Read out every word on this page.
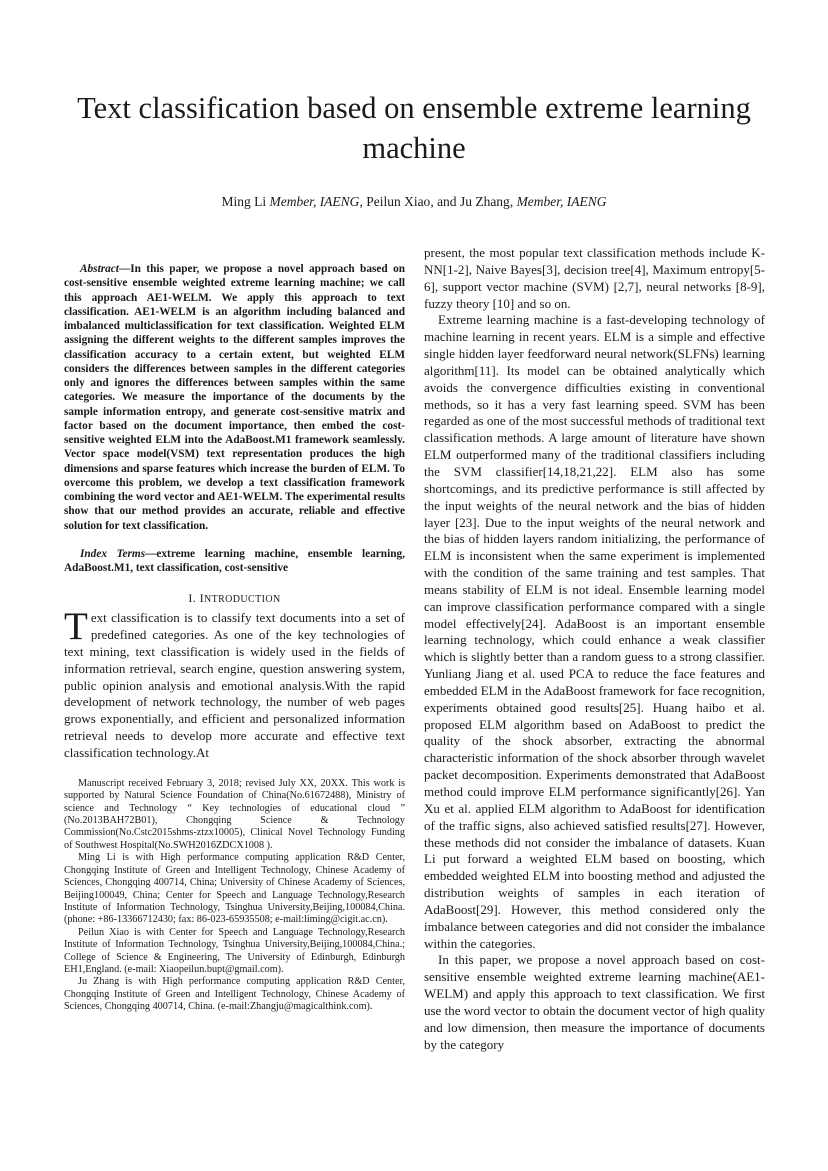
Text classification based on ensemble extreme learning machine
Ming Li Member, IAENG, Peilun Xiao, and Ju Zhang, Member, IAENG

Abstract—In this paper, we propose a novel approach based on cost-sensitive ensemble weighted extreme learning machine; we call this approach AE1-WELM. We apply this approach to text classification. AE1-WELM is an algorithm including balanced and imbalanced multiclassification for text classification. Weighted ELM assigning the different weights to the different samples improves the classification accuracy to a certain extent, but weighted ELM considers the differences between samples in the different categories only and ignores the differences between samples within the same categories. We measure the importance of the documents by the sample information entropy, and generate cost-sensitive matrix and factor based on the document importance, then embed the cost-sensitive weighted ELM into the AdaBoost.M1 framework seamlessly. Vector space model(VSM) text representation produces the high dimensions and sparse features which increase the burden of ELM. To overcome this problem, we develop a text classification framework combining the word vector and AE1-WELM. The experimental results show that our method provides an accurate, reliable and effective solution for text classification.

Index Terms—extreme learning machine, ensemble learning, AdaBoost.M1, text classification, cost-sensitive

I. INTRODUCTION

Text classification is to classify text documents into a set of predefined categories. As one of the key technologies of text mining, text classification is widely used in the fields of information retrieval, search engine, question answering system, public opinion analysis and emotional analysis.With the rapid development of network technology, the number of web pages grows exponentially, and efficient and personalized information retrieval needs to develop more accurate and effective text classification technology.At

Manuscript received February 3, 2018; revised July XX, 20XX. This work is supported by Natural Science Foundation of China(No.61672488), Ministry of science and Technology “ Key technologies of educational cloud ” (No.2013BAH72B01), Chongqing Science & Technology Commission(No.Cstc2015shms-ztzx10005), Clinical Novel Technology Funding of Southwest Hospital(No.SWH2016ZDCX1008 ).

Ming Li is with High performance computing application R&D Center, Chongqing Institute of Green and Intelligent Technology, Chinese Academy of Sciences, Chongqing 400714, China; University of Chinese Academy of Sciences, Beijing100049, China; Center for Speech and Language Technology,Research Institute of Information Technology, Tsinghua University,Beijing,100084,China. (phone: +86-13366712430; fax: 86-023-65935508; e-mail:liming@cigit.ac.cn).

Peilun Xiao is with Center for Speech and Language Technology,Research Institute of Information Technology, Tsinghua University,Beijing,100084,China.; College of Science & Engineering, The University of Edinburgh, Edinburgh EH1,England. (e-mail: Xiaopeilun.bupt@gmail.com).

Ju Zhang is with High performance computing application R&D Center, Chongqing Institute of Green and Intelligent Technology, Chinese Academy of Sciences, Chongqing 400714, China. (e-mail:Zhangju@magicalthink.com).

present, the most popular text classification methods include K-NN[1-2], Naive Bayes[3], decision tree[4], Maximum entropy[5-6], support vector machine (SVM) [2,7], neural networks [8-9], fuzzy theory [10] and so on.

Extreme learning machine is a fast-developing technology of machine learning in recent years. ELM is a simple and effective single hidden layer feedforward neural network(SLFNs) learning algorithm[11]. Its model can be obtained analytically which avoids the convergence difficulties existing in conventional methods, so it has a very fast learning speed. SVM has been regarded as one of the most successful methods of traditional text classification methods. A large amount of literature have shown ELM outperformed many of the traditional classifiers including the SVM classifier[14,18,21,22]. ELM also has some shortcomings, and its predictive performance is still affected by the input weights of the neural network and the bias of hidden layer [23]. Due to the input weights of the neural network and the bias of hidden layers random initializing, the performance of ELM is inconsistent when the same experiment is implemented with the condition of the same training and test samples. That means stability of ELM is not ideal. Ensemble learning model can improve classification performance compared with a single model effectively[24]. AdaBoost is an important ensemble learning technology, which could enhance a weak classifier which is slightly better than a random guess to a strong classifier. Yunliang Jiang et al. used PCA to reduce the face features and embedded ELM in the AdaBoost framework for face recognition, experiments obtained good results[25]. Huang haibo et al. proposed ELM algorithm based on AdaBoost to predict the quality of the shock absorber, extracting the abnormal characteristic information of the shock absorber through wavelet packet decomposition. Experiments demonstrated that AdaBoost method could improve ELM performance significantly[26]. Yan Xu et al. applied ELM algorithm to AdaBoost for identification of the traffic signs, also achieved satisfied results[27]. However, these methods did not consider the imbalance of datasets. Kuan Li put forward a weighted ELM based on boosting, which embedded weighted ELM into boosting method and adjusted the distribution weights of samples in each iteration of AdaBoost[29]. However, this method considered only the imbalance between categories and did not consider the imbalance within the categories.

In this paper, we propose a novel approach based on cost-sensitive ensemble weighted extreme learning machine(AE1-WELM) and apply this approach to text classification. We first use the word vector to obtain the document vector of high quality and low dimension, then measure the importance of documents by the category
